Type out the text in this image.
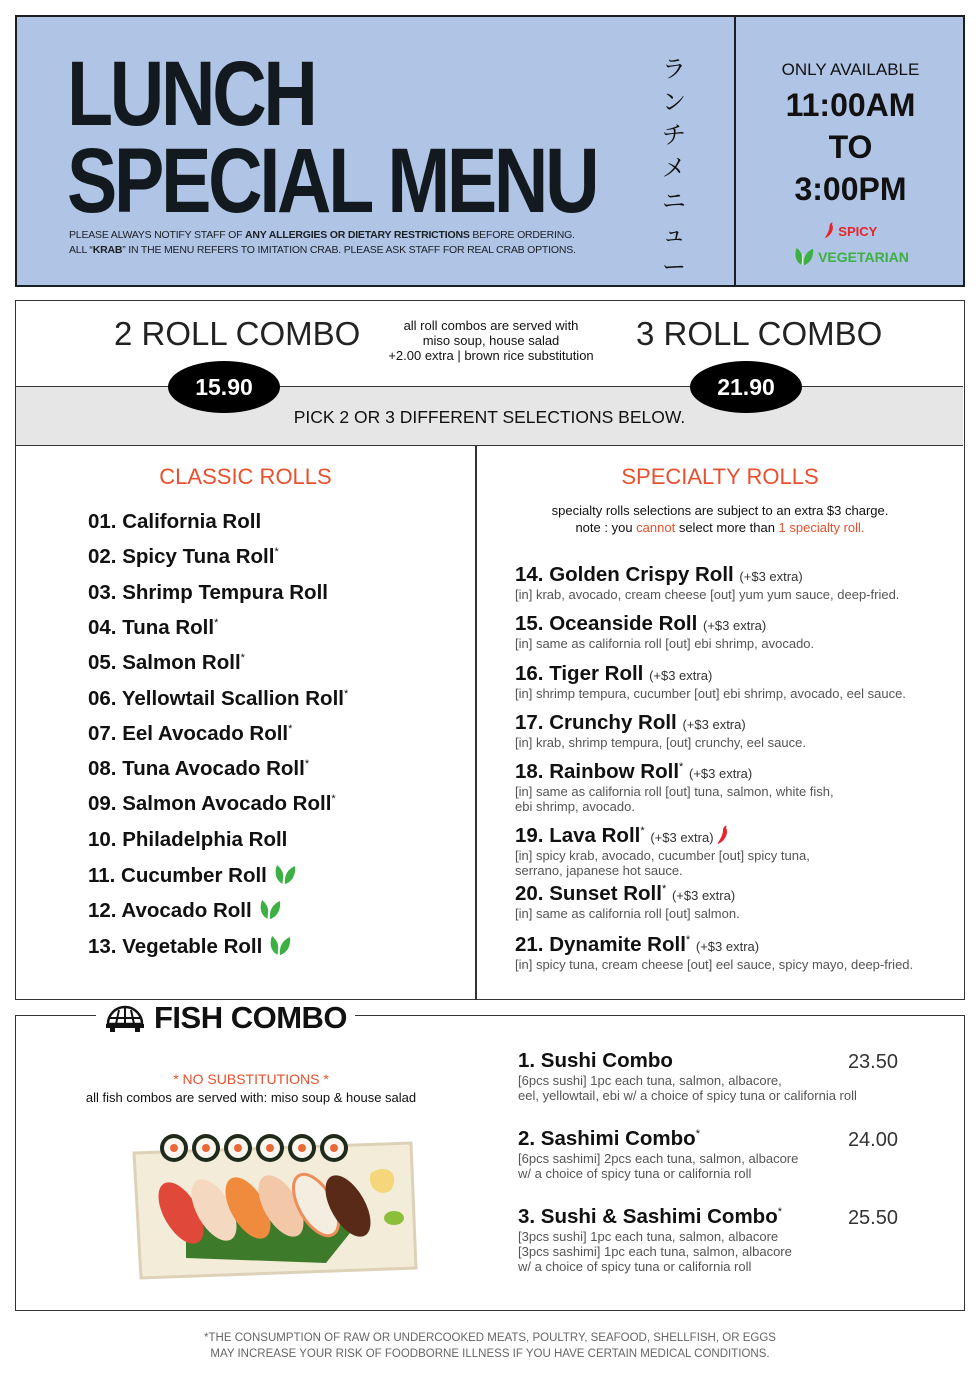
LUNCH
SPECIAL MENU
PLEASE ALWAYS NOTIFY STAFF OF ANY ALLERGIES OR DIETARY RESTRICTIONS BEFORE ORDERING.
ALL “KRAB” IN THE MENU REFERS TO IMITATION CRAB. PLEASE ASK STAFF FOR REAL CRAB OPTIONS.
ラ
ン
チ
メ
ニ
ュ
ー
ONLY AVAILABLE
11:00AM
TO
3:00PM
SPICY
VEGETARIAN
2 ROLL COMBO	3 ROLL COMBO
all roll combos are served with
miso soup, house salad
+2.00 extra | brown rice substitution
PICK 2 OR 3 DIFFERENT SELECTIONS BELOW.
15.90	21.90
CLASSIC ROLLS
01. California Roll
02. Spicy Tuna Roll*
03. Shrimp Tempura Roll
04. Tuna Roll*
05. Salmon Roll*
06. Yellowtail Scallion Roll*
07. Eel Avocado Roll*
08. Tuna Avocado Roll*
09. Salmon Avocado Roll*
10. Philadelphia Roll
11. Cucumber Roll
12. Avocado Roll
13. Vegetable Roll
SPECIALTY ROLLS
specialty rolls selections are subject to an extra $3 charge.
note : you cannot select more than 1 specialty roll.
14. Golden Crispy Roll (+$3 extra)
[in] krab, avocado, cream cheese [out] yum yum sauce, deep-fried.
15. Oceanside Roll (+$3 extra)
[in] same as california roll [out] ebi shrimp, avocado.
16. Tiger Roll (+$3 extra)
[in] shrimp tempura, cucumber [out] ebi shrimp, avocado, eel sauce.
17. Crunchy Roll (+$3 extra)
[in] krab, shrimp tempura, [out] crunchy, eel sauce.
18. Rainbow Roll* (+$3 extra)
[in] same as california roll [out] tuna, salmon, white fish,
ebi shrimp, avocado.
19. Lava Roll* (+$3 extra)
[in] spicy krab, avocado, cucumber [out] spicy tuna,
serrano, japanese hot sauce.
20. Sunset Roll* (+$3 extra)
[in] same as california roll [out] salmon.
21. Dynamite Roll* (+$3 extra)
[in] spicy tuna, cream cheese [out] eel sauce, spicy mayo, deep-fried.
FISH COMBO
* NO SUBSTITUTIONS *
all fish combos are served with: miso soup & house salad
1. Sushi Combo	23.50
[6pcs sushi] 1pc each tuna, salmon, albacore,
eel, yellowtail, ebi w/ a choice of spicy tuna or california roll
2. Sashimi Combo*	24.00
[6pcs sashimi] 2pcs each tuna, salmon, albacore
w/ a choice of spicy tuna or california roll
3. Sushi & Sashimi Combo*	25.50
[3pcs sushi] 1pc each tuna, salmon, albacore
[3pcs sashimi] 1pc each tuna, salmon, albacore
w/ a choice of spicy tuna or california roll
*THE CONSUMPTION OF RAW OR UNDERCOOKED MEATS, POULTRY, SEAFOOD, SHELLFISH, OR EGGS
MAY INCREASE YOUR RISK OF FOODBORNE ILLNESS IF YOU HAVE CERTAIN MEDICAL CONDITIONS.
